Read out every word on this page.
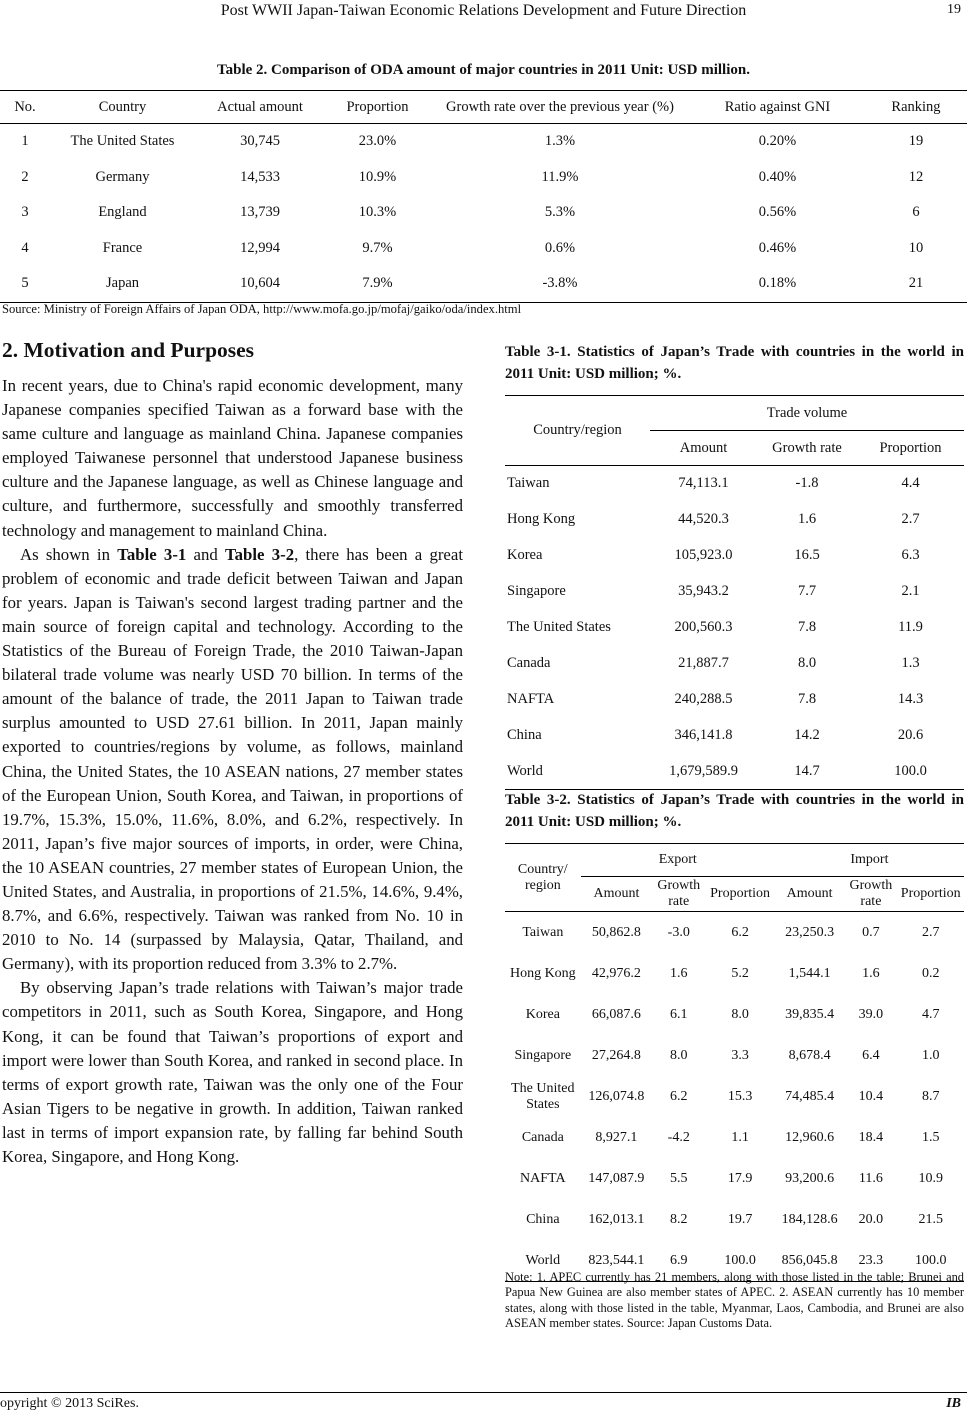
Post WWII Japan-Taiwan Economic Relations Development and Future Direction	19
Table 2. Comparison of ODA amount of major countries in 2011 Unit: USD million.
No.	Country	Actual amount	Proportion	Growth rate over the previous year (%)	Ratio against GNI	Ranking
1	The United States	30,745	23.0%	1.3%	0.20%	19
2	Germany	14,533	10.9%	11.9%	0.40%	12
3	England	13,739	10.3%	5.3%	0.56%	6
4	France	12,994	9.7%	0.6%	0.46%	10
5	Japan	10,604	7.9%	-3.8%	0.18%	21
Source: Ministry of Foreign Affairs of Japan ODA, http://www.mofa.go.jp/mofaj/gaiko/oda/index.html
2. Motivation and Purposes

In recent years, due to China's rapid economic development, many Japanese companies specified Taiwan as a forward base with the same culture and language as mainland China. Japanese companies employed Taiwanese personnel that understood Japanese business culture and the Japanese language, as well as Chinese language and culture, and furthermore, successfully and smoothly transferred technology and management to mainland China.

As shown in Table 3-1 and Table 3-2, there has been a great problem of economic and trade deficit between Taiwan and Japan for years. Japan is Taiwan's second largest trading partner and the main source of foreign capital and technology. According to the Statistics of the Bureau of Foreign Trade, the 2010 Taiwan-Japan bilateral trade volume was nearly USD 70 billion. In terms of the amount of the balance of trade, the 2011 Japan to Taiwan trade surplus amounted to USD 27.61 billion. In 2011, Japan mainly exported to countries/regions by volume, as follows, mainland China, the United States, the 10 ASEAN nations, 27 member states of the European Union, South Korea, and Taiwan, in proportions of 19.7%, 15.3%, 15.0%, 11.6%, 8.0%, and 6.2%, respectively. In 2011, Japan’s five major sources of imports, in order, were China, the 10 ASEAN countries, 27 member states of European Union, the United States, and Australia, in proportions of 21.5%, 14.6%, 9.4%, 8.7%, and 6.6%, respectively. Taiwan was ranked from No. 10 in 2010 to No. 14 (surpassed by Malaysia, Qatar, Thailand, and Germany), with its proportion reduced from 3.3% to 2.7%.

By observing Japan’s trade relations with Taiwan’s major trade competitors in 2011, such as South Korea, Singapore, and Hong Kong, it can be found that Taiwan’s proportions of export and import were lower than South Korea, and ranked in second place. In terms of export growth rate, Taiwan was the only one of the Four Asian Tigers to be negative in growth. In addition, Taiwan ranked last in terms of import expansion rate, by falling far behind South Korea, Singapore, and Hong Kong.

Table 3-1. Statistics of Japan’s Trade with countries in the world in 2011 Unit: USD million; %.
Country/region	Trade volume		
	Amount	Growth rate	Proportion
Taiwan	74,113.1	-1.8	4.4
Hong Kong	44,520.3	1.6	2.7
Korea	105,923.0	16.5	6.3
Singapore	35,943.2	7.7	2.1
The United States	200,560.3	7.8	11.9
Canada	21,887.7	8.0	1.3
NAFTA	240,288.5	7.8	14.3
China	346,141.8	14.2	20.6
World	1,679,589.9	14.7	100.0
Table 3-2. Statistics of Japan’s Trade with countries in the world in 2011 Unit: USD million; %.
Country/ region	Export			Import		
	Amount	Growth rate	Proportion	Amount	Growth rate	Proportion
Taiwan	50,862.8	-3.0	6.2	23,250.3	0.7	2.7
Hong Kong	42,976.2	1.6	5.2	1,544.1	1.6	0.2
Korea	66,087.6	6.1	8.0	39,835.4	39.0	4.7
Singapore	27,264.8	8.0	3.3	8,678.4	6.4	1.0
The United States	126,074.8	6.2	15.3	74,485.4	10.4	8.7
Canada	8,927.1	-4.2	1.1	12,960.6	18.4	1.5
NAFTA	147,087.9	5.5	17.9	93,200.6	11.6	10.9
China	162,013.1	8.2	19.7	184,128.6	20.0	21.5
World	823,544.1	6.9	100.0	856,045.8	23.3	100.0
Note: 1. APEC currently has 21 members, along with those listed in the table; Brunei and Papua New Guinea are also member states of APEC. 2. ASEAN currently has 10 member states, along with those listed in the table, Myanmar, Laos, Cambodia, and Brunei are also ASEAN member states. Source: Japan Customs Data.
opyright © 2013 SciRes.	IB
